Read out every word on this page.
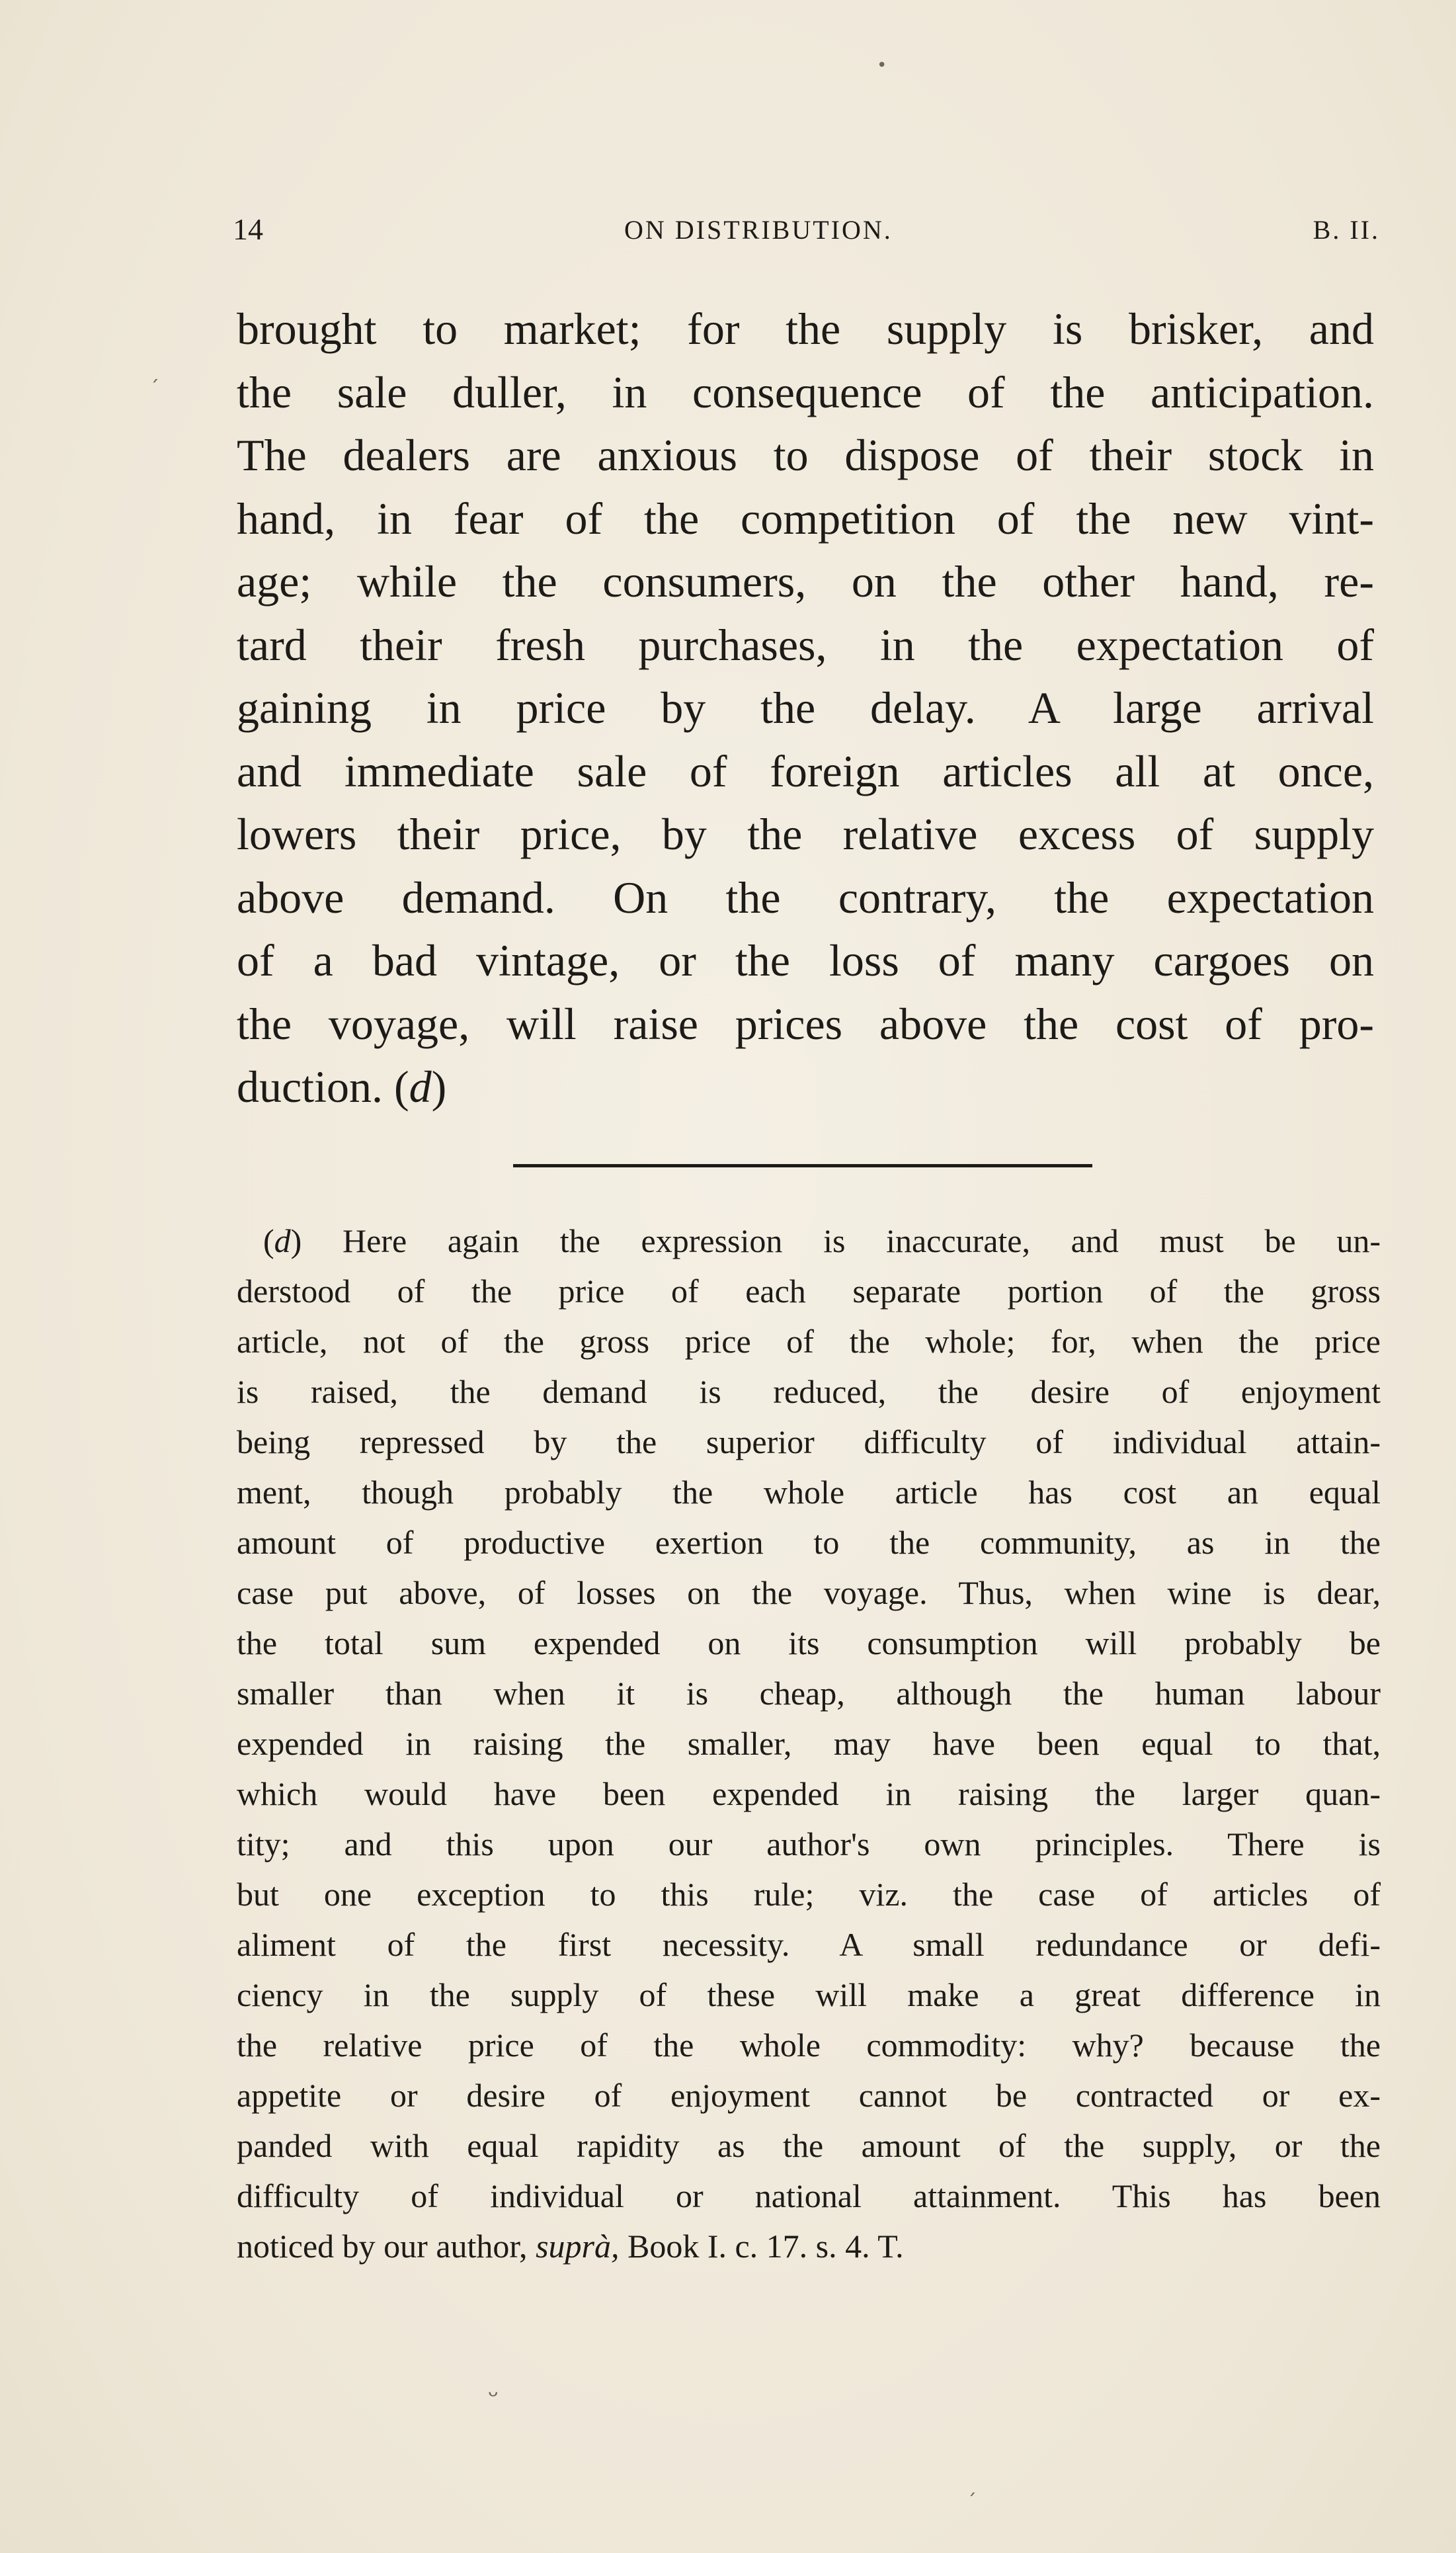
14	ON DISTRIBUTION.	B. II.
brought to market; for the supply is brisker, and
the sale duller, in consequence of the anticipation.
The dealers are anxious to dispose of their stock in
hand, in fear of the competition of the new vint-
age; while the consumers, on the other hand, re-
tard their fresh purchases, in the expectation of
gaining in price by the delay. A large arrival
and immediate sale of foreign articles all at once,
lowers their price, by the relative excess of supply
above demand. On the contrary, the expectation
of a bad vintage, or the loss of many cargoes on
the voyage, will raise prices above the cost of pro-
duction. (d)
(d) Here again the expression is inaccurate, and must be un-
derstood of the price of each separate portion of the gross
article, not of the gross price of the whole; for, when the price
is raised, the demand is reduced, the desire of enjoyment
being repressed by the superior difficulty of individual attain-
ment, though probably the whole article has cost an equal
amount of productive exertion to the community, as in the
case put above, of losses on the voyage. Thus, when wine is dear,
the total sum expended on its consumption will probably be
smaller than when it is cheap, although the human labour
expended in raising the smaller, may have been equal to that,
which would have been expended in raising the larger quan-
tity; and this upon our author's own principles. There is
but one exception to this rule; viz. the case of articles of
aliment of the first necessity. A small redundance or defi-
ciency in the supply of these will make a great difference in
the relative price of the whole commodity: why? because the
appetite or desire of enjoyment cannot be contracted or ex-
panded with equal rapidity as the amount of the supply, or the
difficulty of individual or national attainment. This has been
noticed by our author, suprà, Book I. c. 17. s. 4. T.
•
ˊ
ᵕ
ˏ
